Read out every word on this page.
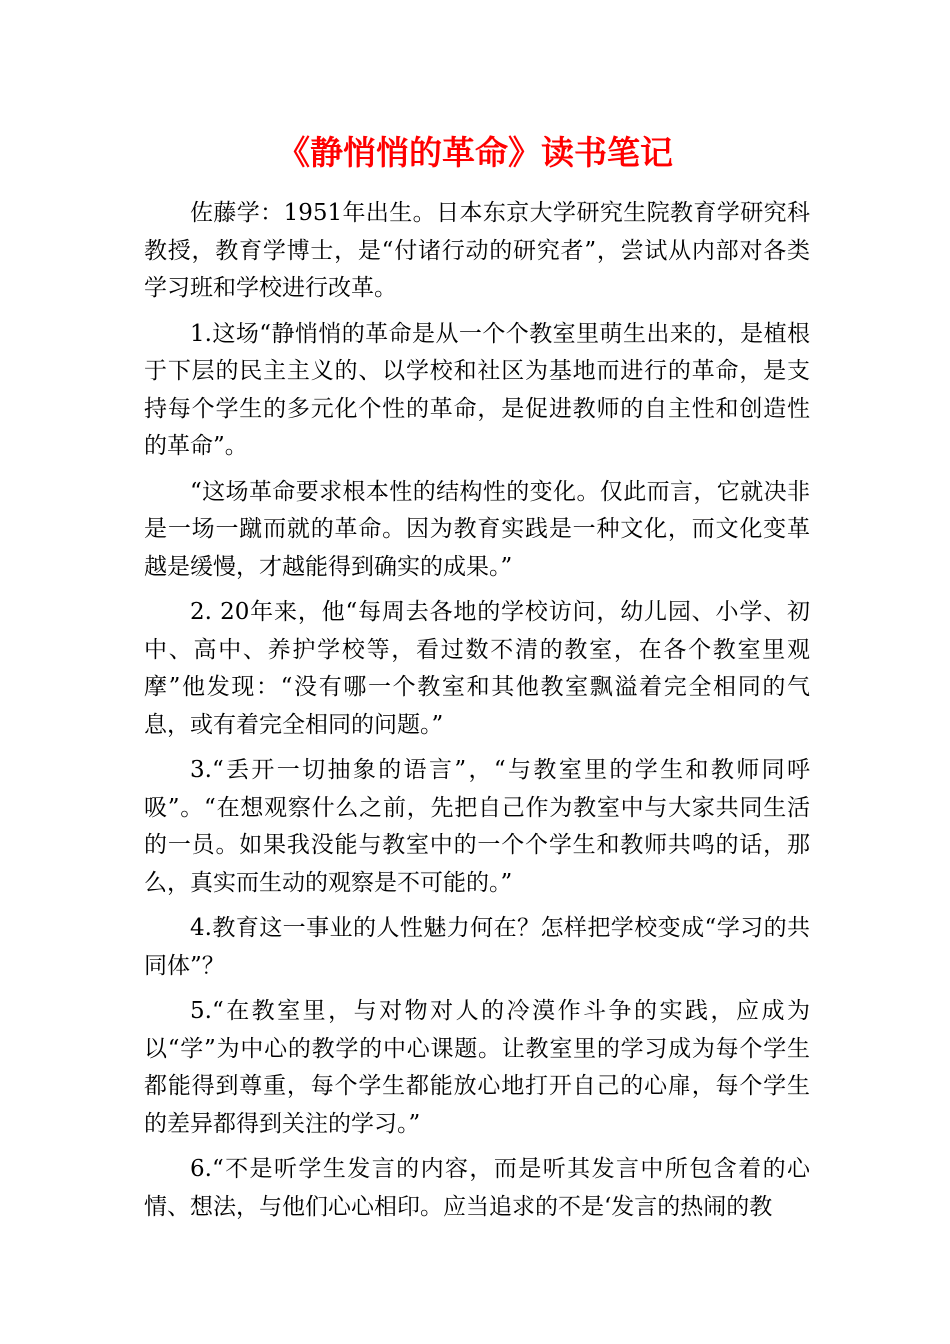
《静悄悄的革命》读书笔记

佐藤学：1951年出生。日本东京大学研究生院教育学研究科教授，教育学博士，是“付诸行动的研究者”，尝试从内部对各类学习班和学校进行改革。

1.这场“静悄悄的革命是从一个个教室里萌生出来的，是植根于下层的民主主义的、以学校和社区为基地而进行的革命，是支持每个学生的多元化个性的革命，是促进教师的自主性和创造性的革命”。

“这场革命要求根本性的结构性的变化。仅此而言，它就决非是一场一蹴而就的革命。因为教育实践是一种文化，而文化变革越是缓慢，才越能得到确实的成果。”

2. 20年来，他“每周去各地的学校访问，幼儿园、小学、初中、高中、养护学校等，看过数不清的教室，在各个教室里观摩”他发现：“没有哪一个教室和其他教室飘溢着完全相同的气息，或有着完全相同的问题。”

3.“丢开一切抽象的语言”，“与教室里的学生和教师同呼吸”。“在想观察什么之前，先把自己作为教室中与大家共同生活的一员。如果我没能与教室中的一个个学生和教师共鸣的话，那么，真实而生动的观察是不可能的。”

4.教育这一事业的人性魅力何在？怎样把学校变成“学习的共同体”？

5.“在教室里，与对物对人的冷漠作斗争的实践，应成为以“学”为中心的教学的中心课题。让教室里的学习成为每个学生都能得到尊重，每个学生都能放心地打开自己的心扉，每个学生的差异都得到关注的学习。”

6.“不是听学生发言的内容，而是听其发言中所包含着的心情、想法，与他们心心相印。应当追求的不是‘发言的热闹的教
